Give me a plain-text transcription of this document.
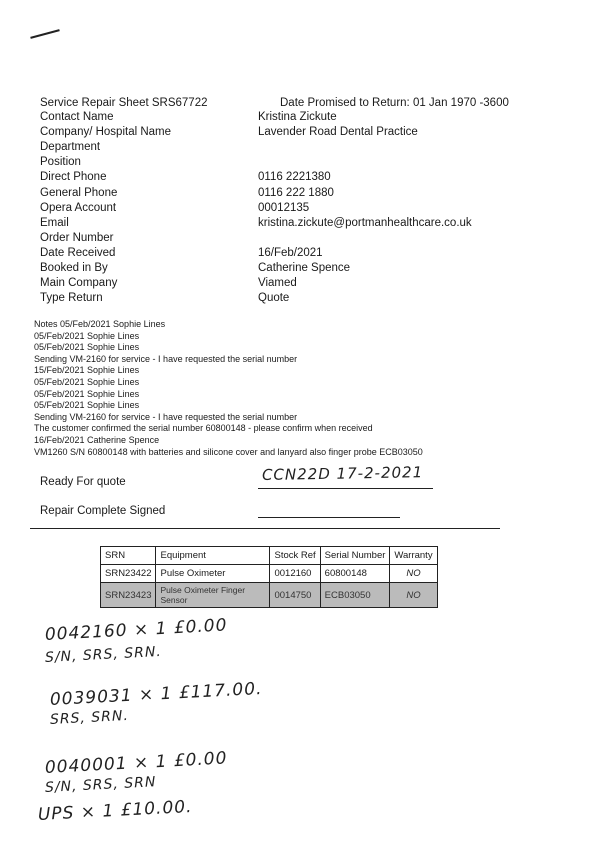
Service Repair Sheet SRS67722	Date Promised to Return: 01 Jan 1970 -3600
Contact Name	Kristina Zickute
Company/ Hospital Name	Lavender Road Dental Practice
Department
Position
Direct Phone	0116 2221380
General Phone	0116 222 1880
Opera Account	00012135
Email	kristina.zickute@portmanhealthcare.co.uk
Order Number
Date Received	16/Feb/2021
Booked in By	Catherine Spence
Main Company	Viamed
Type Return	Quote
Notes 05/Feb/2021 Sophie Lines
05/Feb/2021 Sophie Lines
05/Feb/2021 Sophie Lines
Sending VM-2160 for service - I have requested the serial number
15/Feb/2021 Sophie Lines
05/Feb/2021 Sophie Lines
05/Feb/2021 Sophie Lines
05/Feb/2021 Sophie Lines
Sending VM-2160 for service - I have requested the serial number
The customer confirmed the serial number 60800148 - please confirm when received
16/Feb/2021 Catherine Spence
VM1260 S/N 60800148 with batteries and silicone cover and lanyard also finger probe ECB03050
Ready For quote	CCN22D 17-2-2021
Repair Complete Signed
SRN	Equipment	Stock Ref	Serial Number	Warranty
SRN23422	Pulse Oximeter	0012160	60800148	NO
SRN23423	Pulse Oximeter Finger Sensor	0014750	ECB03050	NO
0042160 × 1 £0.00
S/N, SRS, SRN.
0039031 × 1 £117.00.
SRS, SRN.
0040001 × 1 £0.00
S/N, SRS, SRN
UPS × 1 £10.00.
